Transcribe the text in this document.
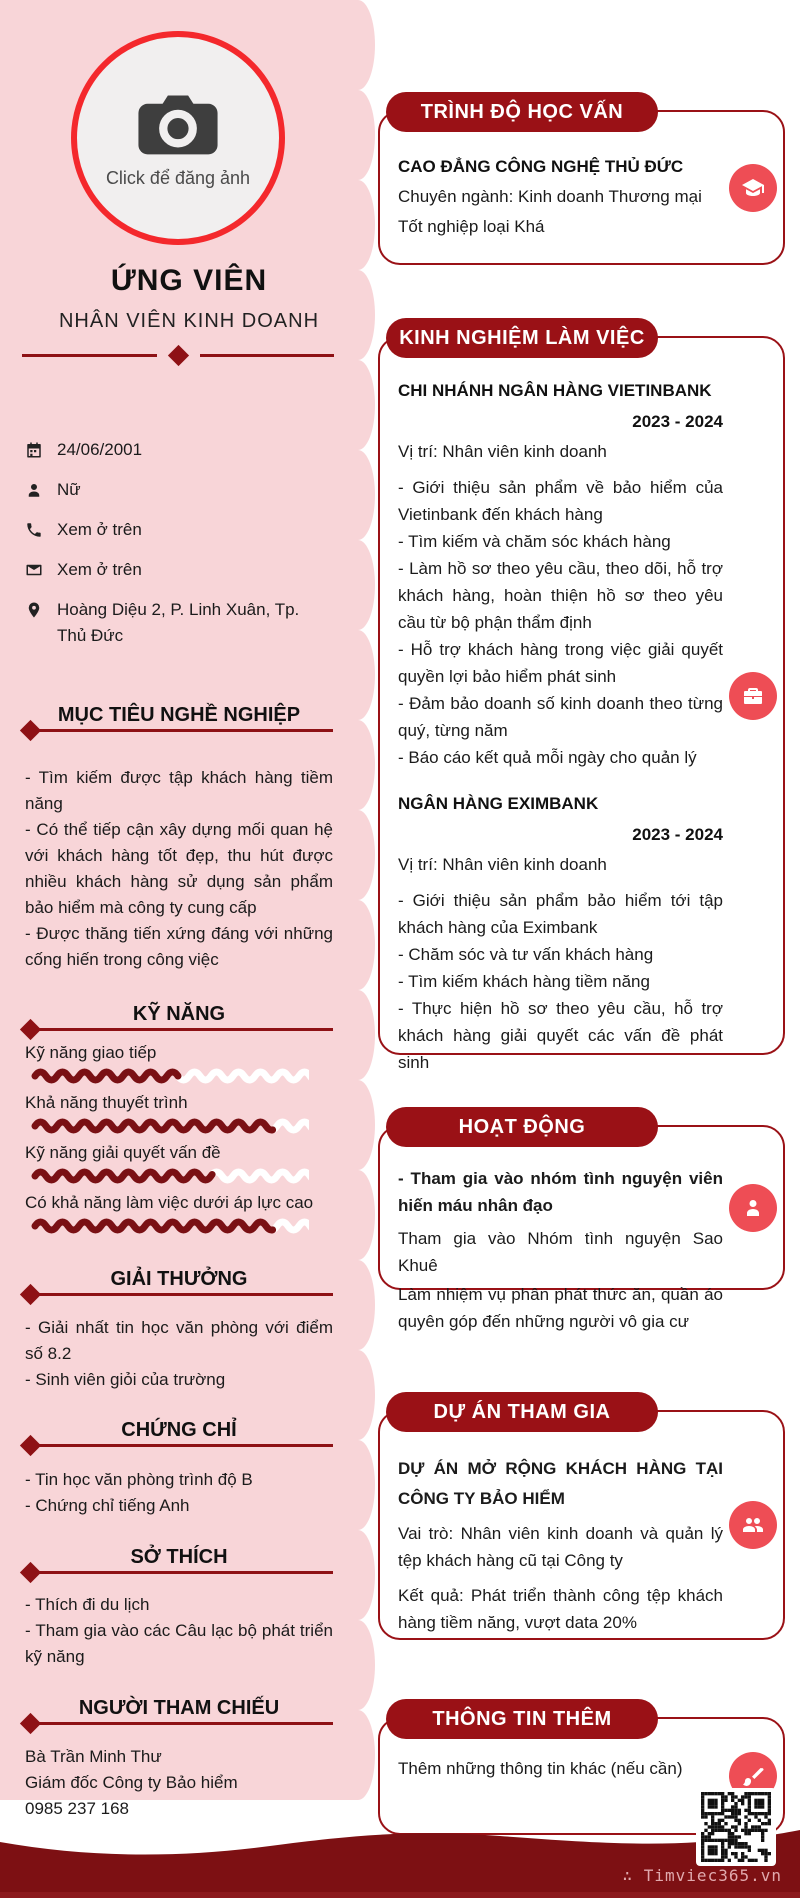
Click để đăng ảnh
ỨNG VIÊN
NHÂN VIÊN KINH DOANH
24/06/2001
Nữ
Xem ở trên
Xem ở trên
Hoàng Diệu 2, P. Linh Xuân, Tp. Thủ Đức
MỤC TIÊU NGHỀ NGHIỆP
- Tìm kiếm được tập khách hàng tiềm năng
- Có thể tiếp cận xây dựng mối quan hệ với khách hàng tốt đẹp, thu hút được nhiều khách hàng sử dụng sản phẩm bảo hiểm mà công ty cung cấp
- Được thăng tiến xứng đáng với những cống hiến trong công việc
KỸ NĂNG
Kỹ năng giao tiếp
Khả năng thuyết trình
Kỹ năng giải quyết vấn đề
Có khả năng làm việc dưới áp lực cao
GIẢI THƯỞNG
- Giải nhất tin học văn phòng với điểm số 8.2
- Sinh viên giỏi của trường
CHỨNG CHỈ
- Tin học văn phòng trình độ B
- Chứng chỉ tiếng Anh
SỞ THÍCH
- Thích đi du lịch
- Tham gia vào các Câu lạc bộ phát triển kỹ năng
NGƯỜI THAM CHIẾU
Bà Trần Minh Thư
Giám đốc Công ty Bảo hiểm
0985 237 168
TRÌNH ĐỘ HỌC VẤN
CAO ĐẲNG CÔNG NGHỆ THỦ ĐỨC
Chuyên ngành: Kinh doanh Thương mại
Tốt nghiệp loại Khá
KINH NGHIỆM LÀM VIỆC
CHI NHÁNH NGÂN HÀNG VIETINBANK
2023 - 2024
Vị trí: Nhân viên kinh doanh
- Giới thiệu sản phẩm về bảo hiểm của Vietinbank đến khách hàng
- Tìm kiếm và chăm sóc khách hàng
- Làm hồ sơ theo yêu cầu, theo dõi, hỗ trợ khách hàng, hoàn thiện hồ sơ theo yêu cầu từ bộ phận thẩm định
- Hỗ trợ khách hàng trong việc giải quyết quyền lợi bảo hiểm phát sinh
- Đảm bảo doanh số kinh doanh theo từng quý, từng năm
- Báo cáo kết quả mỗi ngày cho quản lý
NGÂN HÀNG EXIMBANK
2023 - 2024
Vị trí: Nhân viên kinh doanh
- Giới thiệu sản phẩm bảo hiểm tới tập khách hàng của Eximbank
- Chăm sóc và tư vấn khách hàng
- Tìm kiếm khách hàng tiềm năng
- Thực hiện hồ sơ theo yêu cầu, hỗ trợ khách hàng giải quyết các vấn đề phát sinh
HOẠT ĐỘNG
- Tham gia vào nhóm tình nguyện viên hiến máu nhân đạo
Tham gia vào Nhóm tình nguyện Sao Khuê
Làm nhiệm vụ phân phát thức ăn, quần áo quyên góp đến những người vô gia cư
DỰ ÁN THAM GIA
DỰ ÁN MỞ RỘNG KHÁCH HÀNG TẠI CÔNG TY BẢO HIỂM
Vai trò: Nhân viên kinh doanh và quản lý tệp khách hàng cũ tại Công ty
Kết quả: Phát triển thành công tệp khách hàng tiềm năng, vượt data 20%
THÔNG TIN THÊM
Thêm những thông tin khác (nếu cần)
∴ Timviec365.vn
